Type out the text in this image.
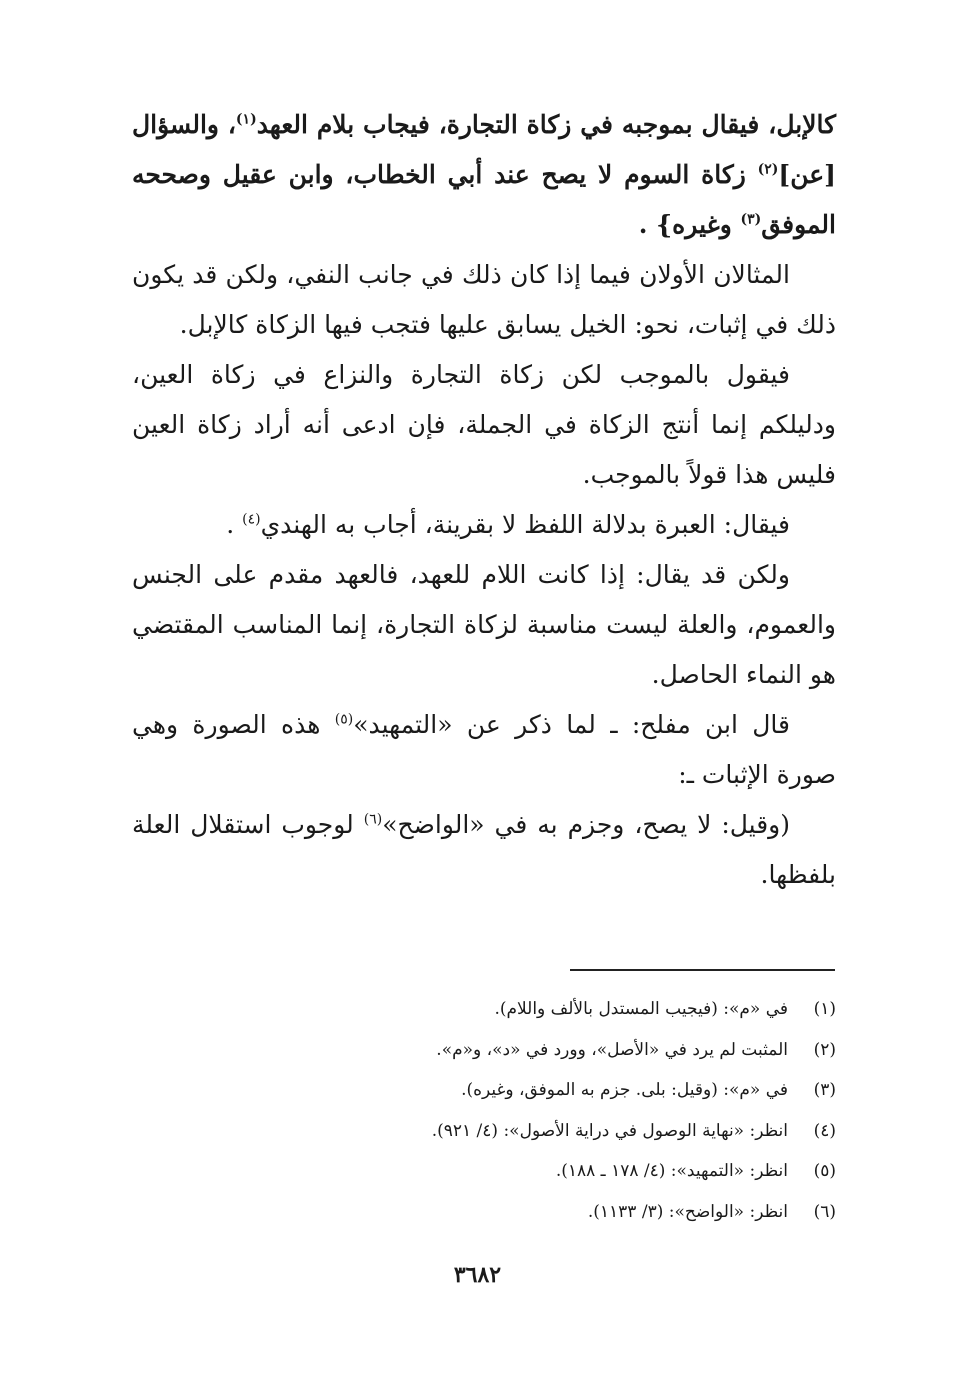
كالإبل، فيقال بموجبه في زكاة التجارة، فيجاب بلام العهد$^{(١)}$، والسؤال [عن]$^{(٢)}$ زكاة السوم لا يصح عند أبي الخطاب، وابن عقيل وصححه الموفق$^{(٣)}$ وغيره} .

المثالان الأولان فيما إذا كان ذلك في جانب النفي، ولكن قد يكون ذلك في إثبات، نحو: الخيل يسابق عليها فتجب فيها الزكاة كالإبل.

فيقول بالموجب لكن زكاة التجارة والنزاع في زكاة العين، ودليلكم إنما أنتج الزكاة في الجملة، فإن ادعى أنه أراد زكاة العين فليس هذا قولاً بالموجب.

فيقال: العبرة بدلالة اللفظ لا بقرينة، أجاب به الهندي$^{(٤)}$ .

ولكن قد يقال: إذا كانت اللام للعهد، فالعهد مقدم على الجنس والعموم، والعلة ليست مناسبة لزكاة التجارة، إنما المناسب المقتضي هو النماء الحاصل.

قال ابن مفلح: ـ لما ذكر عن «التمهيد»$^{(٥)}$ هذه الصورة وهي صورة الإثبات ـ:

(وقيل: لا يصح، وجزم به في «الواضح»$^{(٦)}$ لوجوب استقلال العلة بلفظها.

(١)
في «م»: (فيجيب المستدل بالألف واللام).
(٢)
المثبت لم يرد في «الأصل»، وورد في «د»، و«م».
(٣)
في «م»: (وقيل: بلى. جزم به الموفق، وغيره).
(٤)
انظر: «نهاية الوصول في دراية الأصول»: (٤/ ٩٢١).
(٥)
انظر: «التمهيد»: (٤/ ١٧٨ ـ ١٨٨).
(٦)
انظر: «الواضح»: (٣/ ١١٣٣).
٣٦٨٢
